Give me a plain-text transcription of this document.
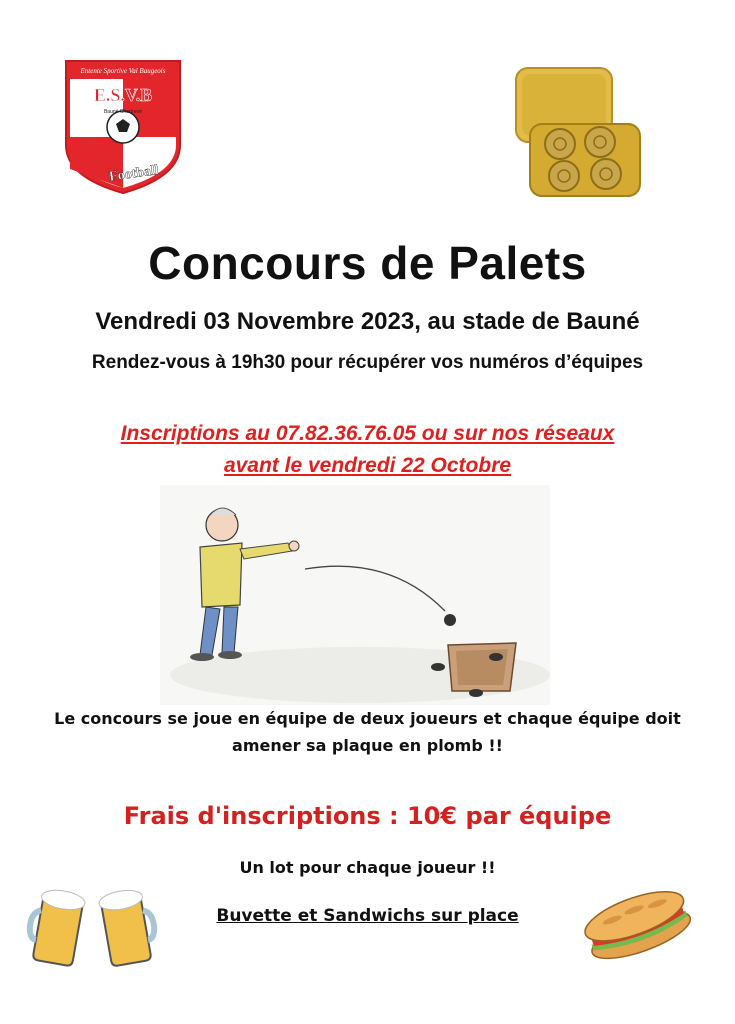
Entente Sportive Val Baugeois
E.S.V.B
Bauné Chartrené
Football
Concours de Palets
Vendredi 03 Novembre 2023, au stade de Bauné
Rendez-vous à 19h30 pour récupérer vos numéros d’équipes
Inscriptions au 07.82.36.76.05 ou sur nos réseaux
avant le vendredi 22 Octobre
Le concours se joue en équipe de deux joueurs et chaque équipe doit
amener sa plaque en plomb !!
Frais d'inscriptions : 10€ par équipe
Un lot pour chaque joueur !!
Buvette et Sandwichs sur place
